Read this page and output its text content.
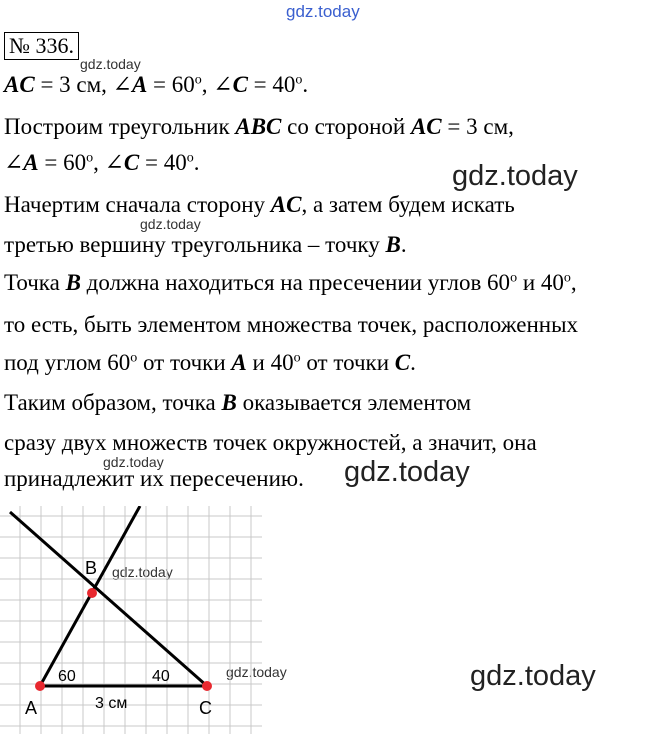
gdz.today
gdz.today
gdz.today
gdz.today
gdz.today	gdz.today
gdz.today
gdz.today	gdz.today
№ 336.
AC = 3 см, ∠A = $60^o$, ∠C = $40^o$.
Построим треугольник ABC со стороной AC = 3 см,
∠A = $60^o$, ∠C = $40^o$.
Начертим сначала сторону AC, а затем будем искать
третью вершину треугольника – точку B.
Точка B должна находиться на пресечении углов 60$^o$ и 40$^o$,
то есть, быть элементом множества точек, расположенных
под углом 60$^o$ от точки A и 40$^o$ от точки C.
Таким образом, точка B оказывается элементом
сразу двух множеств точек окружностей, а значит, она
принадлежит их пересечению.
B
A	C
60	40
3 см
